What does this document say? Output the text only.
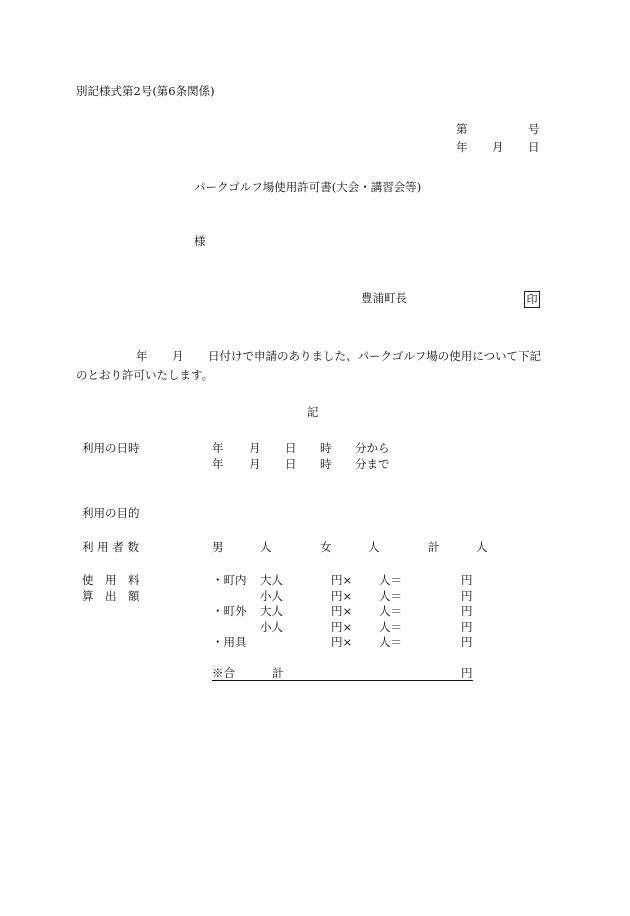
別記様式第2号(第6条関係)
第	号
年 月 日
パークゴルフ場使用許可書(大会・講習会等)
様
豊浦町長	印
年 月 日付けで申請のありました、パークゴルフ場の使用について下記
のとおり許可いたします。
記
利用の日時	年 月 日 時 分から
年 月 日 時 分まで
利用の目的
利 用 者 数	男	人	女	人	計	人
使　用　料
算　出　額
・町内 大人	円× 人＝	円
小人	円× 人＝	円
・町外 大人	円× 人＝	円
小人	円× 人＝	円
・用具	円× 人＝	円
※合	計	円
